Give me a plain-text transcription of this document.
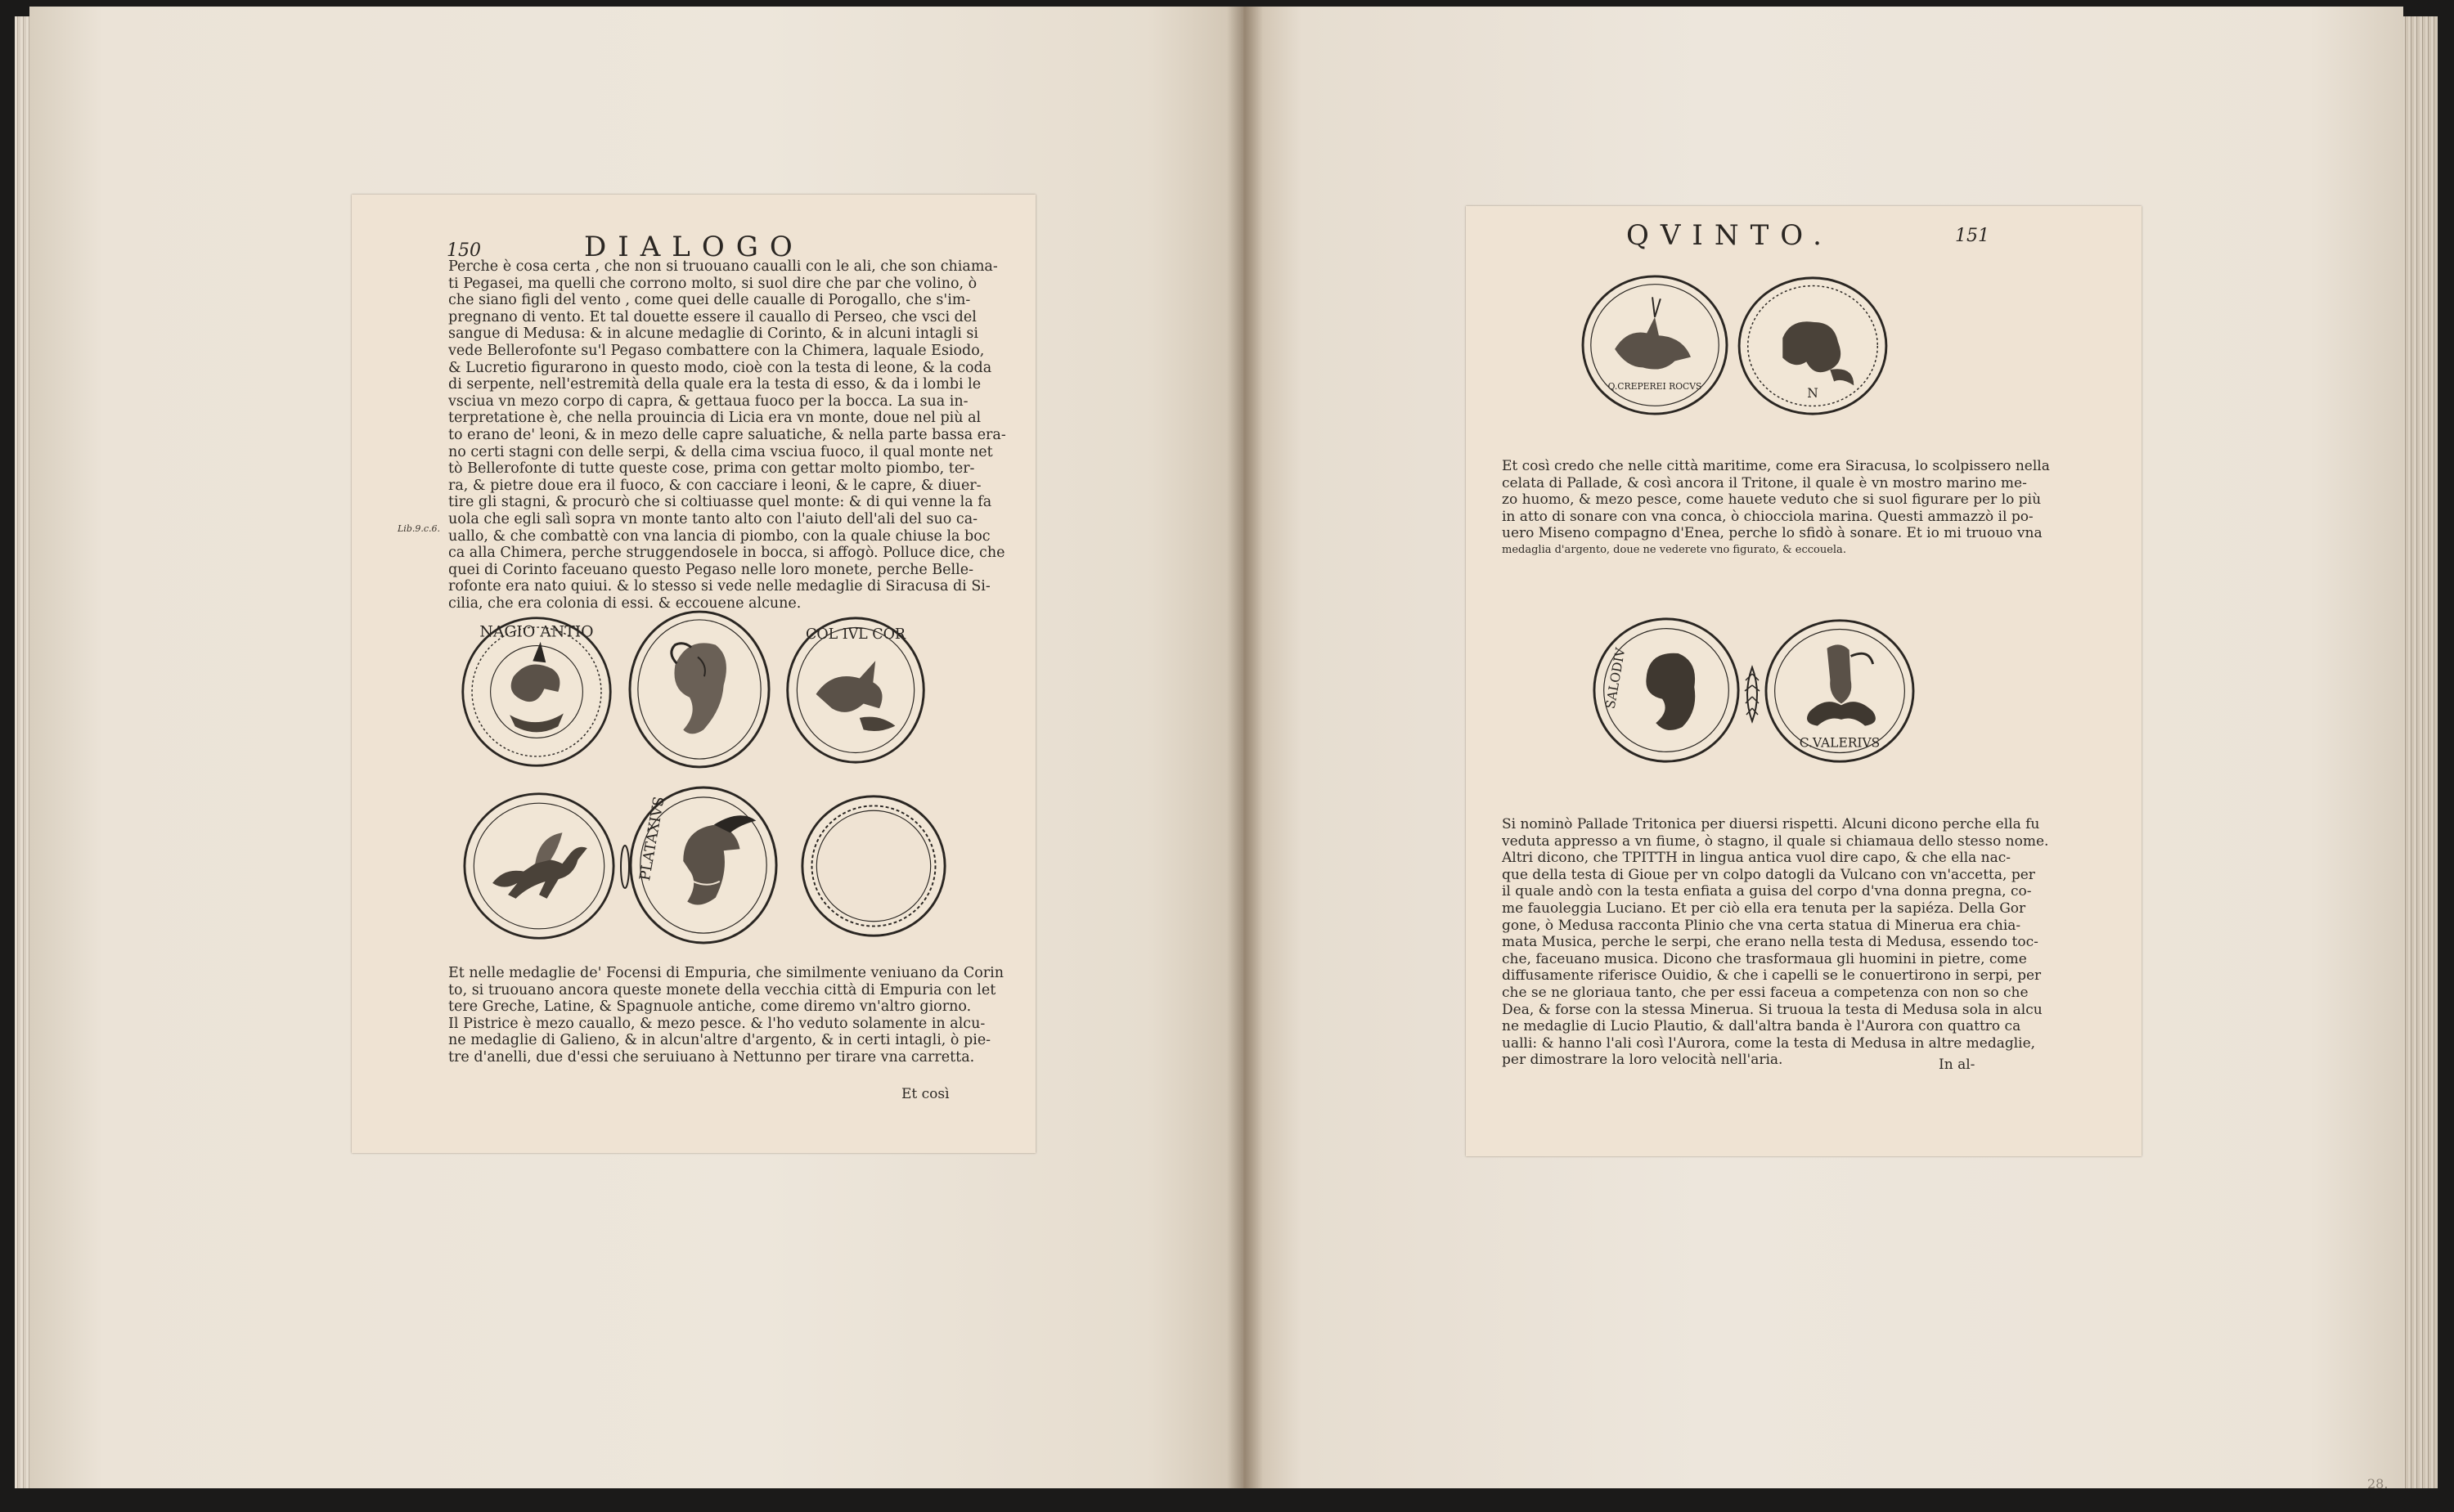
150	DIALOGO
Perche è cosa certa , che non si truouano caualli con le ali, che son chiama-
ti Pegasei, ma quelli che corrono molto, si suol dire che par che volino, ò
che siano figli del vento , come quei delle caualle di Porogallo, che s'im-
pregnano di vento. Et tal douette essere il cauallo di Perseo, che vsci del
sangue di Medusa: & in alcune medaglie di Corinto, & in alcuni intagli si
vede Bellerofonte su'l Pegaso combattere con la Chimera, laquale Esiodo,
& Lucretio figurarono in questo modo, cioè con la testa di leone, & la coda
di serpente, nell'estremità della quale era la testa di esso, & da i lombi le
vsciua vn mezo corpo di capra, & gettaua fuoco per la bocca. La sua in-
terpretatione è, che nella prouincia di Licia era vn monte, doue nel più al
to erano de' leoni, & in mezo delle capre saluatiche, & nella parte bassa era-
no certi stagni con delle serpi, & della cima vsciua fuoco, il qual monte net
tò Bellerofonte di tutte queste cose, prima con gettar molto piombo, ter-
ra, & pietre doue era il fuoco, & con cacciare i leoni, & le capre, & diuer-
tire gli stagni, & procurò che si coltiuasse quel monte: & di qui venne la fa
uola che egli salì sopra vn monte tanto alto con l'aiuto dell'ali del suo ca-
uallo, & che combattè con vna lancia di piombo, con la quale chiuse la boc
ca alla Chimera, perche struggendosele in bocca, si affogò. Polluce dice, che
quei di Corinto faceuano questo Pegaso nelle loro monete, perche Belle-
rofonte era nato quiui. & lo stesso si vede nelle medaglie di Siracusa di Si-
cilia, che era colonia di essi. & eccouene alcune.
NAGIO ANTIO	COL IVL COR
PLATAXIVS
Et nelle medaglie de' Focensi di Empuria, che similmente veniuano da Corin
to, si truouano ancora queste monete della vecchia città di Empuria con let
tere Greche, Latine, & Spagnuole antiche, come diremo vn'altro giorno.
Il Pistrice è mezo cauallo, & mezo pesce. & l'ho veduto solamente in alcu-
ne medaglie di Galieno, & in alcun'altre d'argento, & in certi intagli, ò pie-
tre d'anelli, due d'essi che seruiuano à Nettunno per tirare vna carretta.
Et così
Lib.9.c.6.
QVINTO.	151
Q.CREPEREI ROCVS	N
Et così credo che nelle città maritime, come era Siracusa, lo scolpissero nella
celata di Pallade, & così ancora il Tritone, il quale è vn mostro marino me-
zo huomo, & mezo pesce, come hauete veduto che si suol figurare per lo più
in atto di sonare con vna conca, ò chiocciola marina. Questi ammazzò il po-
uero Miseno compagno d'Enea, perche lo sfidò à sonare. Et io mi truouo vna
medaglia d'argento, doue ne vederete vno figurato, & eccouela.
SALODIV
C.VALERIVS
Si nominò Pallade Tritonica per diuersi rispetti. Alcuni dicono perche ella fu
veduta appresso a vn fiume, ò stagno, il quale si chiamaua dello stesso nome.
Altri dicono, che TPITTH in lingua antica vuol dire capo, & che ella nac-
que della testa di Gioue per vn colpo datogli da Vulcano con vn'accetta, per
il quale andò con la testa enfiata a guisa del corpo d'vna donna pregna, co-
me fauoleggia Luciano. Et per ciò ella era tenuta per la sapiéza. Della Gor
gone, ò Medusa racconta Plinio che vna certa statua di Minerua era chia-
mata Musica, perche le serpi, che erano nella testa di Medusa, essendo toc-
che, faceuano musica. Dicono che trasformaua gli huomini in pietre, come
diffusamente riferisce Ouidio, & che i capelli se le conuertirono in serpi, per
che se ne gloriaua tanto, che per essi faceua a competenza con non so che
Dea, & forse con la stessa Minerua. Si truoua la testa di Medusa sola in alcu
ne medaglie di Lucio Plautio, & dall'altra banda è l'Aurora con quattro ca
ualli: & hanno l'ali così l'Aurora, come la testa di Medusa in altre medaglie,
per dimostrare la loro velocità nell'aria.	In al-
28.
